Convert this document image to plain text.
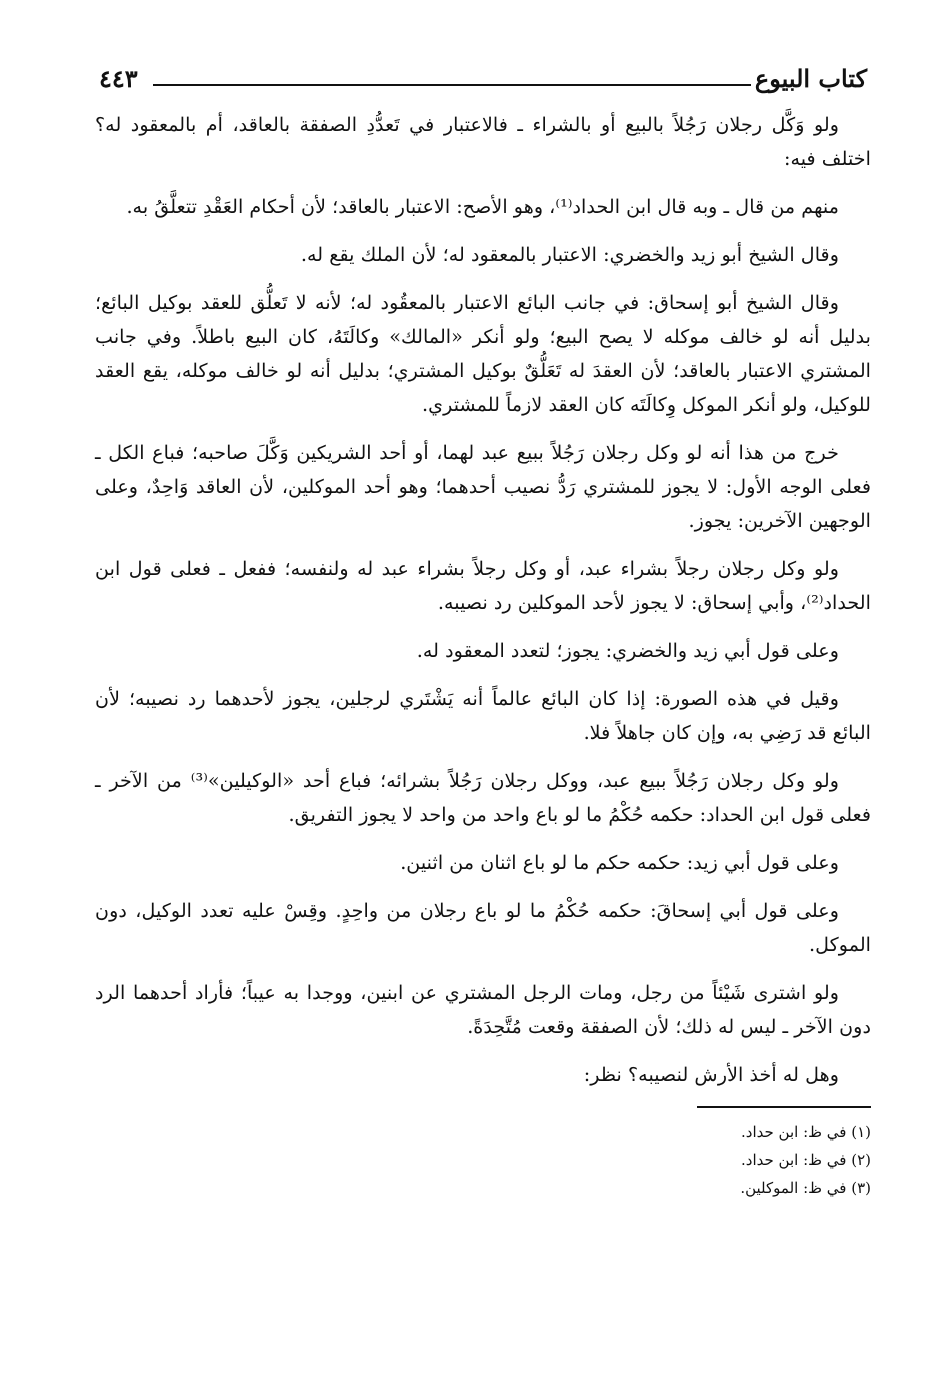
كتاب البيوع
٤٤٣

ولو وَكَّل رجلان رَجُلاً بالبيع أو بالشراء ـ فالاعتبار في تَعدُّدِ الصفقة بالعاقد، أم بالمعقود له؟ اختلف فيه:

منهم من قال ـ وبه قال ابن الحداد⁽¹⁾، وهو الأصح: الاعتبار بالعاقد؛ لأن أحكام العَقْدِ تتعلَّقُ به.

وقال الشيخ أبو زيد والخضري: الاعتبار بالمعقود له؛ لأن الملك يقع له.

وقال الشيخ أبو إسحاق: في جانب البائع الاعتبار بالمعقُود له؛ لأنه لا تَعلُّق للعقد بوكيل البائع؛ بدليل أنه لو خالف موكله لا يصح البيع؛ ولو أنكر «المالك» وكالَتَهُ، كان البيع باطلاً. وفي جانب المشتري الاعتبار بالعاقد؛ لأن العقدَ له تَعَلُّقٌ بوكيل المشتري؛ بدليل أنه لو خالف موكله، يقع العقد للوكيل، ولو أنكر الموكل وِكالَتَه كان العقد لازماً للمشتري.

خرج من هذا أنه لو وكل رجلان رَجُلاً ببيع عبد لهما، أو أحد الشريكين وَكَّلَ صاحبه؛ فباع الكل ـ فعلى الوجه الأول: لا يجوز للمشتري رَدُّ نصيب أحدهما؛ وهو أحد الموكلين، لأن العاقد وَاحِدٌ، وعلى الوجهين الآخرين: يجوز.

ولو وكل رجلان رجلاً بشراء عبد، أو وكل رجلاً بشراء عبد له ولنفسه؛ ففعل ـ فعلى قول ابن الحداد⁽²⁾، وأبي إسحاق: لا يجوز لأحد الموكلين رد نصيبه.

وعلى قول أبي زيد والخضري: يجوز؛ لتعدد المعقود له.

وقيل في هذه الصورة: إذا كان البائع عالماً أنه يَشْتَري لرجلين، يجوز لأحدهما رد نصيبه؛ لأن البائع قد رَضِي به، وإن كان جاهلاً فلا.

ولو وكل رجلان رَجُلاً ببيع عبد، ووكل رجلان رَجُلاً بشرائه؛ فباع أحد «الوكيلين»⁽³⁾ من الآخر ـ فعلى قول ابن الحداد: حكمه حُكْمُ ما لو باع واحد من واحد لا يجوز التفريق.

وعلى قول أبي زيد: حكمه حكم ما لو باع اثنان من اثنين.

وعلى قول أبي إسحاقَ: حكمه حُكْمُ ما لو باع رجلان من واحِدٍ. وقِسْ عليه تعدد الوكيل، دون الموكل.

ولو اشترى شَيْئاً من رجل، ومات الرجل المشتري عن ابنين، ووجدا به عيباً؛ فأراد أحدهما الرد دون الآخر ـ ليس له ذلك؛ لأن الصفقة وقعت مُتَّحِدَةً.

وهل له أخذ الأرش لنصيبه؟ نظر:

(١) في ظ: ابن حداد.
(٢) في ظ: ابن حداد.
(٣) في ظ: الموكلين.
